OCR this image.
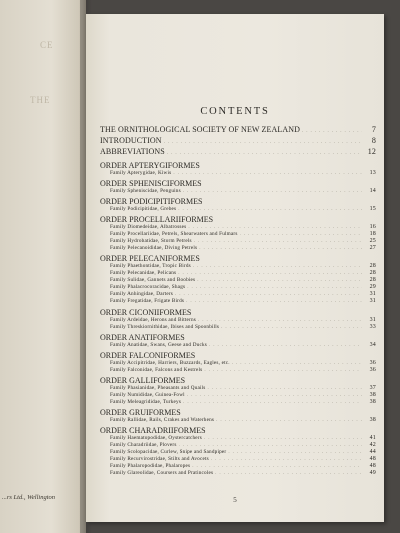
CE
THE
...rs Ltd., Wellington
CONTENTS
THE ORNITHOLOGICAL SOCIETY OF NEW ZEALAND .....	7
INTRODUCTION .....	8
ABBREVIATIONS .....	12
ORDER APTERYGIFORMES
Family Apterygidae, Kiwis .....	13
ORDER SPHENISCIFORMES
Family Spheniscidae, Penguins .....	14
ORDER PODICIPITIFORMES
Family Podicipitidae, Grebes .....	15
ORDER PROCELLARIIFORMES
Family Diomedeidae, Albatrosses .....	16
Family Procellariidae, Petrels, Shearwaters and Fulmars .....	18
Family Hydrobatidae, Storm Petrels .....	25
Family Pelecanoididae, Diving Petrels .....	27
ORDER PELECANIFORMES
Family Phaethontidae, Tropic Birds .....	28
Family Pelecanidae, Pelicans .....	28
Family Sulidae, Gannets and Boobies .....	28
Family Phalacrocoracidae, Shags .....	29
Family Anhingidae, Darters .....	31
Family Fregatidae, Frigate Birds .....	31
ORDER CICONIIFORMES
Family Ardeidae, Herons and Bitterns .....	31
Family Threskiornithidae, Ibises and Spoonbills .....	33
ORDER ANATIFORMES
Family Anatidae, Swans, Geese and Ducks .....	34
ORDER FALCONIFORMES
Family Accipitridae, Harriers, Buzzards, Eagles, etc. .....	36
Family Falconidae, Falcons and Kestrels .....	36
ORDER GALLIFORMES
Family Phasianidae, Pheasants and Quails .....	37
Family Numididae, Guinea-Fowl .....	38
Family Meleagrididae, Turkeys .....	38
ORDER GRUIFORMES
Family Rallidae, Rails, Crakes and Waterhens .....	38
ORDER CHARADRIIFORMES
Family Haematopodidae, Oystercatchers .....	41
Family Charadriidae, Plovers .....	42
Family Scolopacidae, Curlew, Snipe and Sandpiper .....	44
Family Recurvirostridae, Stilts and Avocets .....	48
Family Phalaropodidae, Phalaropes .....	48
Family Glareolidae, Coursers and Pratincoles .....	49
5
